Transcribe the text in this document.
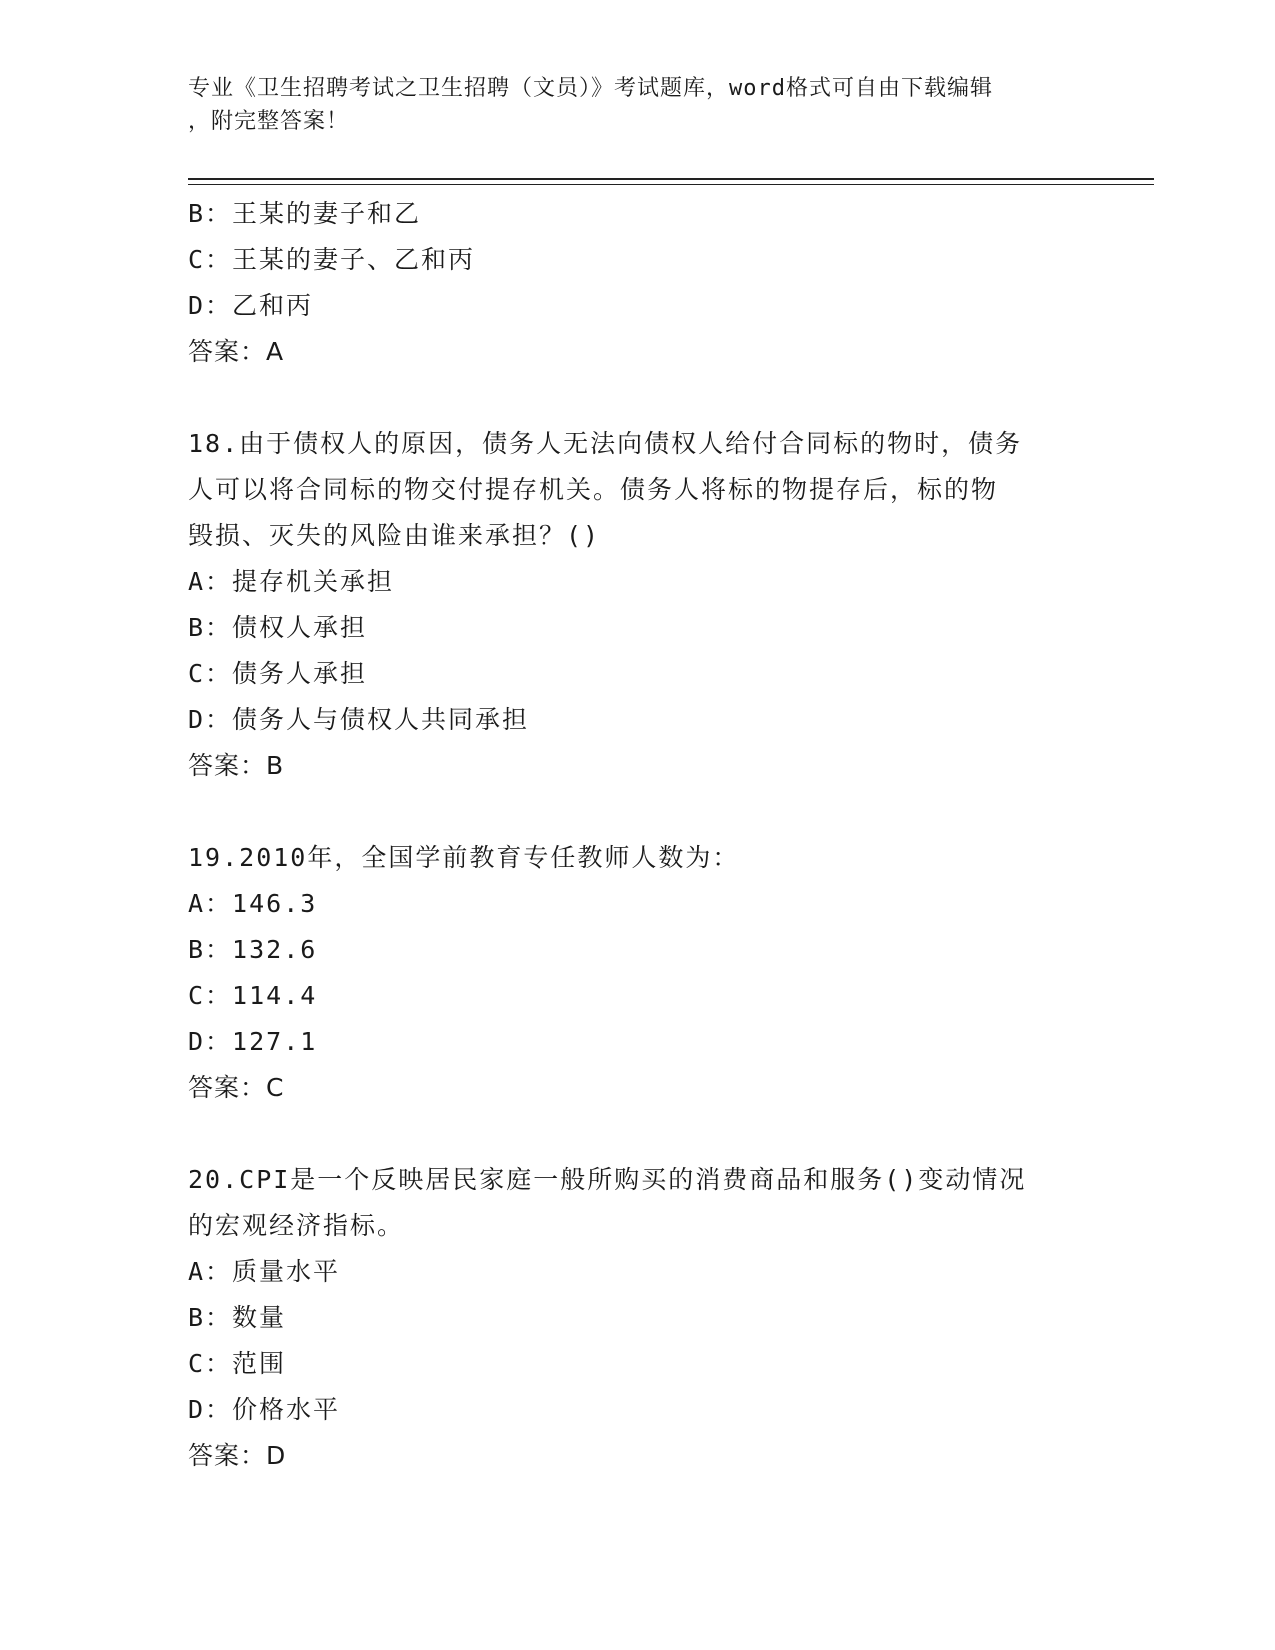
专业《卫生招聘考试之卫生招聘（文员）》考试题库，word格式可自由下载编辑
，附完整答案！
B：王某的妻子和乙
C：王某的妻子、乙和丙
D：乙和丙
答案：A
18.由于债权人的原因，债务人无法向债权人给付合同标的物时，债务
人可以将合同标的物交付提存机关。债务人将标的物提存后，标的物
毁损、灭失的风险由谁来承担？()
A：提存机关承担
B：债权人承担
C：债务人承担
D：债务人与债权人共同承担
答案：B
19.2010年，全国学前教育专任教师人数为：
A：146.3
B：132.6
C：114.4
D：127.1
答案：C
20.CPI是一个反映居民家庭一般所购买的消费商品和服务()变动情况
的宏观经济指标。
A：质量水平
B：数量
C：范围
D：价格水平
答案：D
